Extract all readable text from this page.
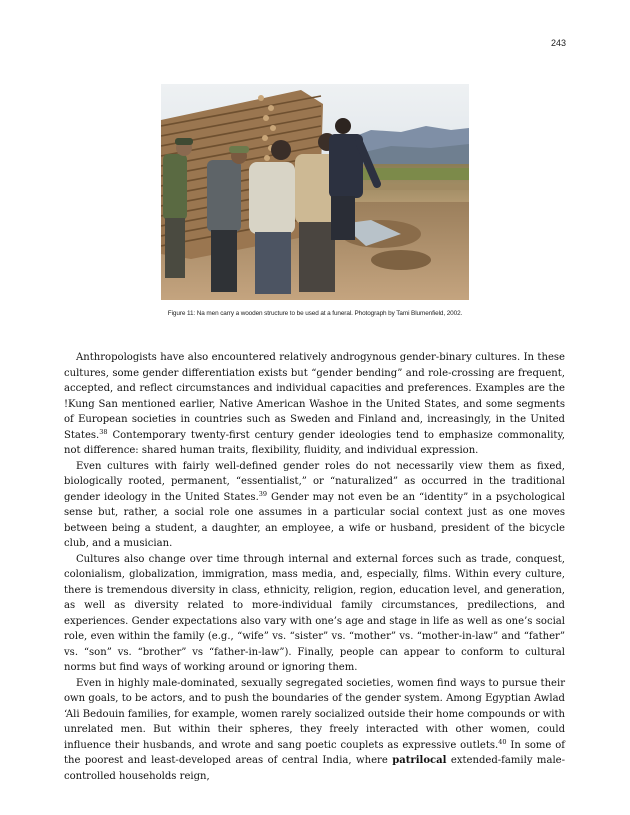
243
Figure 11: Na men carry a wooden structure to be used at a funeral. Photograph by Tami Blumenfield, 2002.

Anthropologists have also encountered relatively androgynous gender-binary cultures. In these cultures, some gender differentiation exists but “gender bending” and role-crossing are frequent, accepted, and reflect circumstances and individual capacities and preferences. Examples are the !Kung San mentioned earlier, Native American Washoe in the United States, and some segments of European societies in countries such as Sweden and Finland and, increasingly, in the United States.$^{38}$ Contemporary twenty-first century gender ideologies tend to emphasize commonality, not difference: shared human traits, flexibility, fluidity, and individual expression.

Even cultures with fairly well-defined gender roles do not necessarily view them as fixed, biologically rooted, permanent, “essentialist,” or “naturalized” as occurred in the traditional gender ideology in the United States.$^{39}$ Gender may not even be an “identity” in a psychological sense but, rather, a social role one assumes in a particular social context just as one moves between being a student, a daughter, an employee, a wife or husband, president of the bicycle club, and a musician.

Cultures also change over time through internal and external forces such as trade, conquest, colonialism, globalization, immigration, mass media, and, especially, films. Within every culture, there is tremendous diversity in class, ethnicity, religion, region, education level, and generation, as well as diversity related to more-individual family circumstances, predilections, and experiences. Gender expectations also vary with one’s age and stage in life as well as one’s social role, even within the family (e.g., “wife” vs. “sister” vs. “mother” vs. “mother-in-law” and “father” vs. “son” vs. “brother” vs “father-in-law”). Finally, people can appear to conform to cultural norms but find ways of working around or ignoring them.

Even in highly male-dominated, sexually segregated societies, women find ways to pursue their own goals, to be actors, and to push the boundaries of the gender system. Among Egyptian Awlad ‘Ali Bedouin families, for example, women rarely socialized outside their home compounds or with unrelated men. But within their spheres, they freely interacted with other women, could influence their husbands, and wrote and sang poetic couplets as expressive outlets.$^{40}$ In some of the poorest and least-developed areas of central India, where patrilocal extended-family male-controlled households reign,
